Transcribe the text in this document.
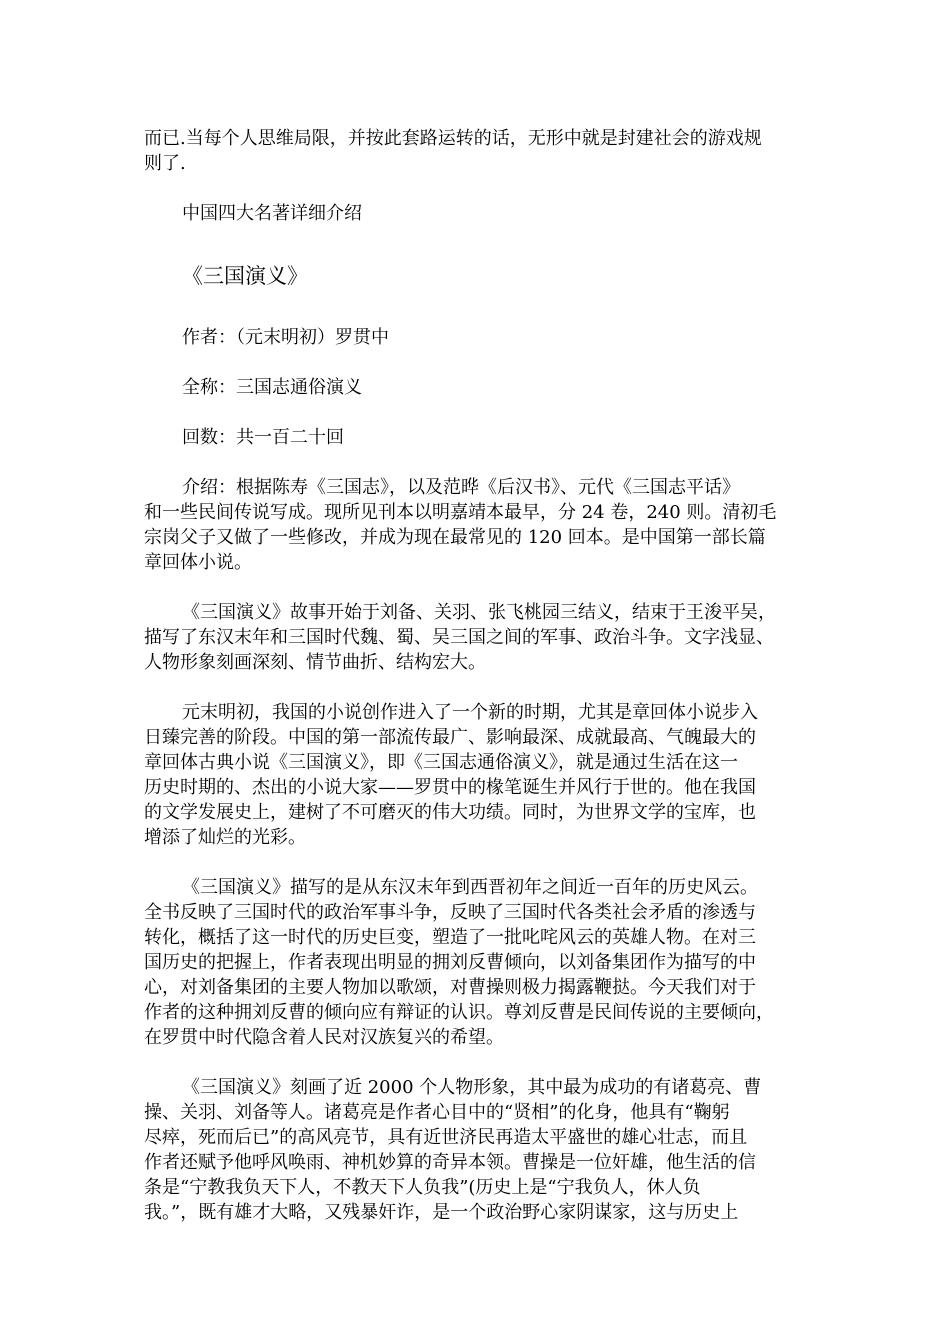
而已.当每个人思维局限，并按此套路运转的话，无形中就是封建社会的游戏规
则了.
中国四大名著详细介绍
《三国演义》
作者：（元末明初）罗贯中
全称：三国志通俗演义
回数：共一百二十回
介绍：根据陈寿《三国志》，以及范晔《后汉书》、元代《三国志平话》
和一些民间传说写成。现所见刊本以明嘉靖本最早，分 24 卷，240 则。清初毛
宗岗父子又做了一些修改，并成为现在最常见的 120 回本。是中国第一部长篇
章回体小说。
《三国演义》故事开始于刘备、关羽、张飞桃园三结义，结束于王浚平吴，
描写了东汉末年和三国时代魏、蜀、吴三国之间的军事、政治斗争。文字浅显、
人物形象刻画深刻、情节曲折、结构宏大。
元末明初，我国的小说创作进入了一个新的时期，尤其是章回体小说步入
日臻完善的阶段。中国的第一部流传最广、影响最深、成就最高、气魄最大的
章回体古典小说《三国演义》，即《三国志通俗演义》，就是通过生活在这一
历史时期的、杰出的小说大家——罗贯中的椽笔诞生并风行于世的。他在我国
的文学发展史上，建树了不可磨灭的伟大功绩。同时，为世界文学的宝库，也
增添了灿烂的光彩。
《三国演义》描写的是从东汉末年到西晋初年之间近一百年的历史风云。
全书反映了三国时代的政治军事斗争，反映了三国时代各类社会矛盾的渗透与
转化，概括了这一时代的历史巨变，塑造了一批叱咤风云的英雄人物。在对三
国历史的把握上，作者表现出明显的拥刘反曹倾向，以刘备集团作为描写的中
心，对刘备集团的主要人物加以歌颂，对曹操则极力揭露鞭挞。今天我们对于
作者的这种拥刘反曹的倾向应有辩证的认识。尊刘反曹是民间传说的主要倾向，
在罗贯中时代隐含着人民对汉族复兴的希望。
《三国演义》刻画了近 2000 个人物形象，其中最为成功的有诸葛亮、曹
操、关羽、刘备等人。诸葛亮是作者心目中的“贤相”的化身，他具有“鞠躬
尽瘁，死而后已”的高风亮节，具有近世济民再造太平盛世的雄心壮志，而且
作者还赋予他呼风唤雨、神机妙算的奇异本领。曹操是一位奸雄，他生活的信
条是“宁教我负天下人，不教天下人负我”(历史上是“宁我负人，休人负
我。”，既有雄才大略，又残暴奸诈，是一个政治野心家阴谋家，这与历史上
